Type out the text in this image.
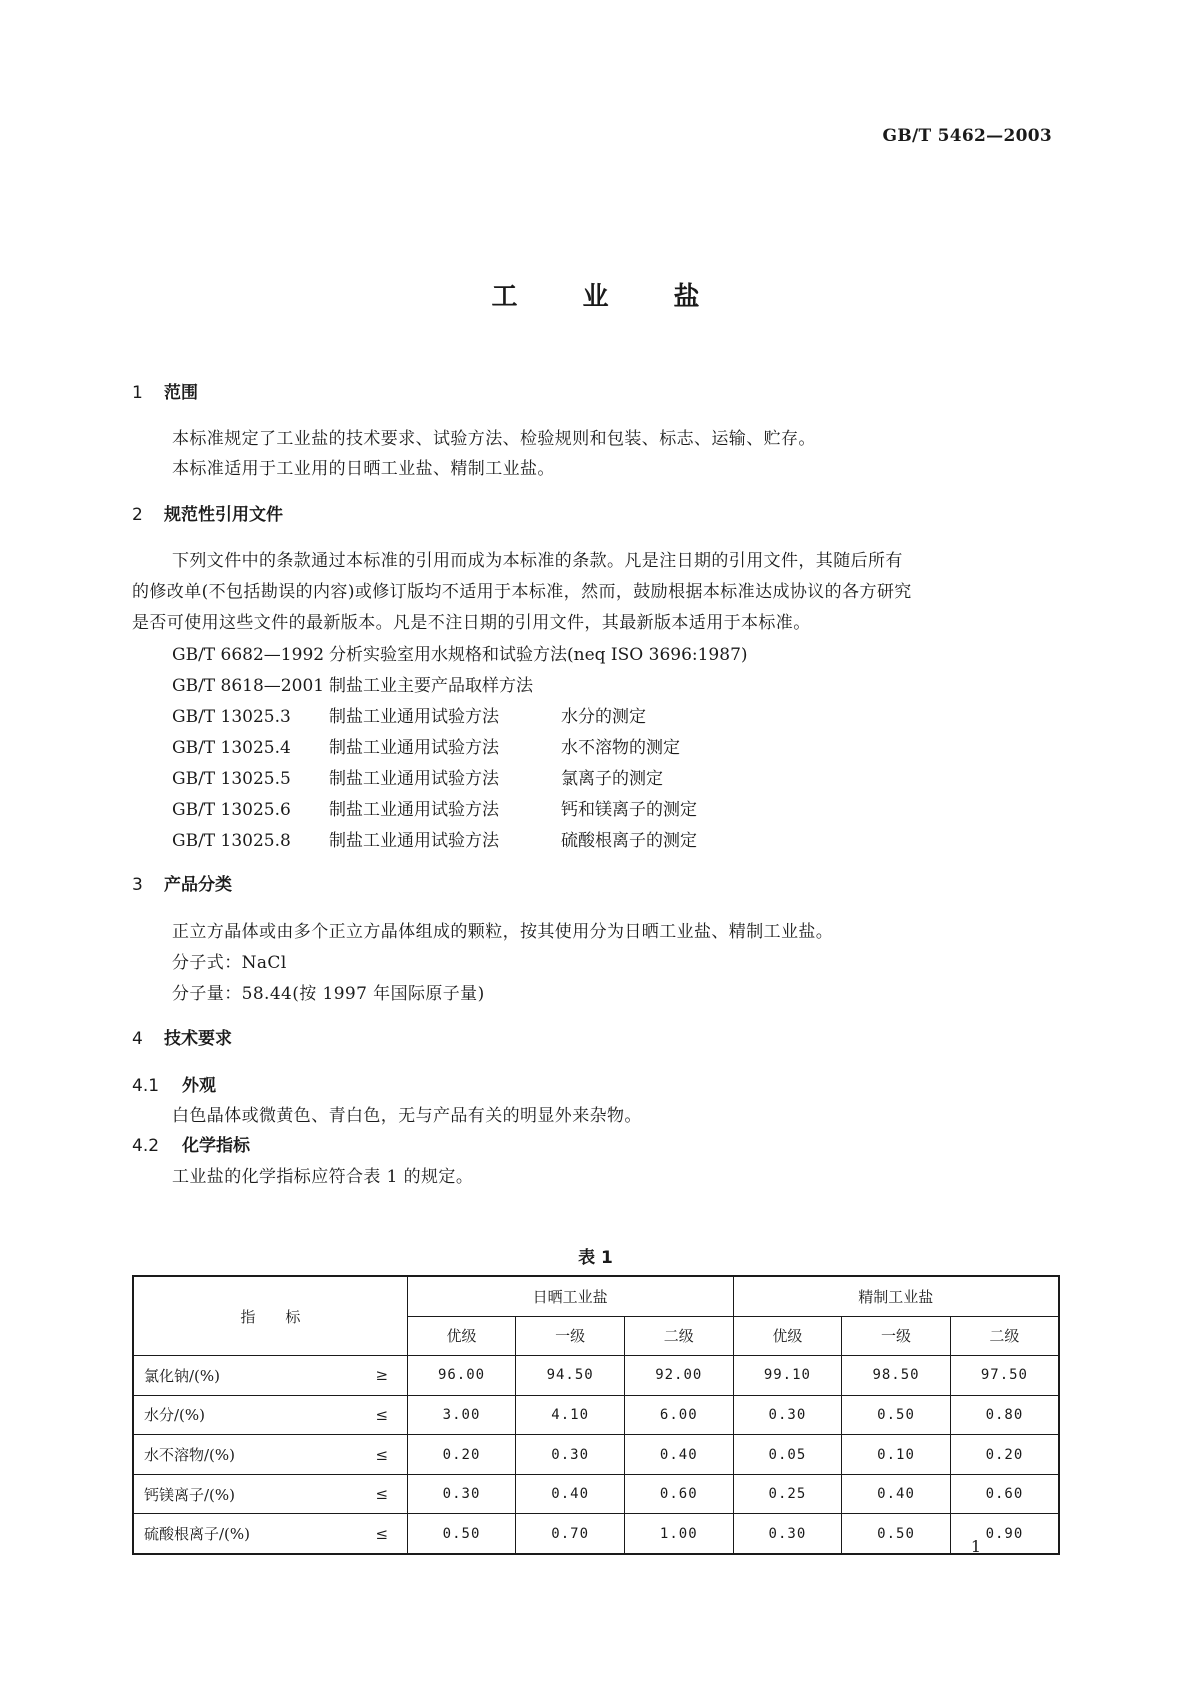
GB/T 5462—2003
工 业 盐
1 范围
本标准规定了工业盐的技术要求、试验方法、检验规则和包装、标志、运输、贮存。
本标准适用于工业用的日晒工业盐、精制工业盐。
2 规范性引用文件
下列文件中的条款通过本标准的引用而成为本标准的条款。凡是注日期的引用文件，其随后所有
的修改单(不包括勘误的内容)或修订版均不适用于本标准，然而，鼓励根据本标准达成协议的各方研究
是否可使用这些文件的最新版本。凡是不注日期的引用文件，其最新版本适用于本标准。
GB/T 6682—1992 分析实验室用水规格和试验方法(neq ISO 3696:1987)
GB/T 8618—2001 制盐工业主要产品取样方法
GB/T 13025.3 制盐工业通用试验方法	水分的测定
GB/T 13025.4 制盐工业通用试验方法	水不溶物的测定
GB/T 13025.5 制盐工业通用试验方法	氯离子的测定
GB/T 13025.6 制盐工业通用试验方法	钙和镁离子的测定
GB/T 13025.8 制盐工业通用试验方法	硫酸根离子的测定
3 产品分类
正立方晶体或由多个正立方晶体组成的颗粒，按其使用分为日晒工业盐、精制工业盐。
分子式：NaCl
分子量：58.44(按 1997 年国际原子量)
4 技术要求
4.1 外观
白色晶体或微黄色、青白色，无与产品有关的明显外来杂物。
4.2 化学指标
工业盐的化学指标应符合表 1 的规定。
表 1
指　　标		日晒工业盐			精制工业盐		
		优级	一级	二级	优级	一级	二级
氯化钠/(%)	≥	96.00	94.50	92.00	99.10	98.50	97.50
水分/(%)	≤	3.00	4.10	6.00	0.30	0.50	0.80
水不溶物/(%)	≤	0.20	0.30	0.40	0.05	0.10	0.20
钙镁离子/(%)	≤	0.30	0.40	0.60	0.25	0.40	0.60
硫酸根离子/(%)	≤	0.50	0.70	1.00	0.30	0.50	0.90
1
